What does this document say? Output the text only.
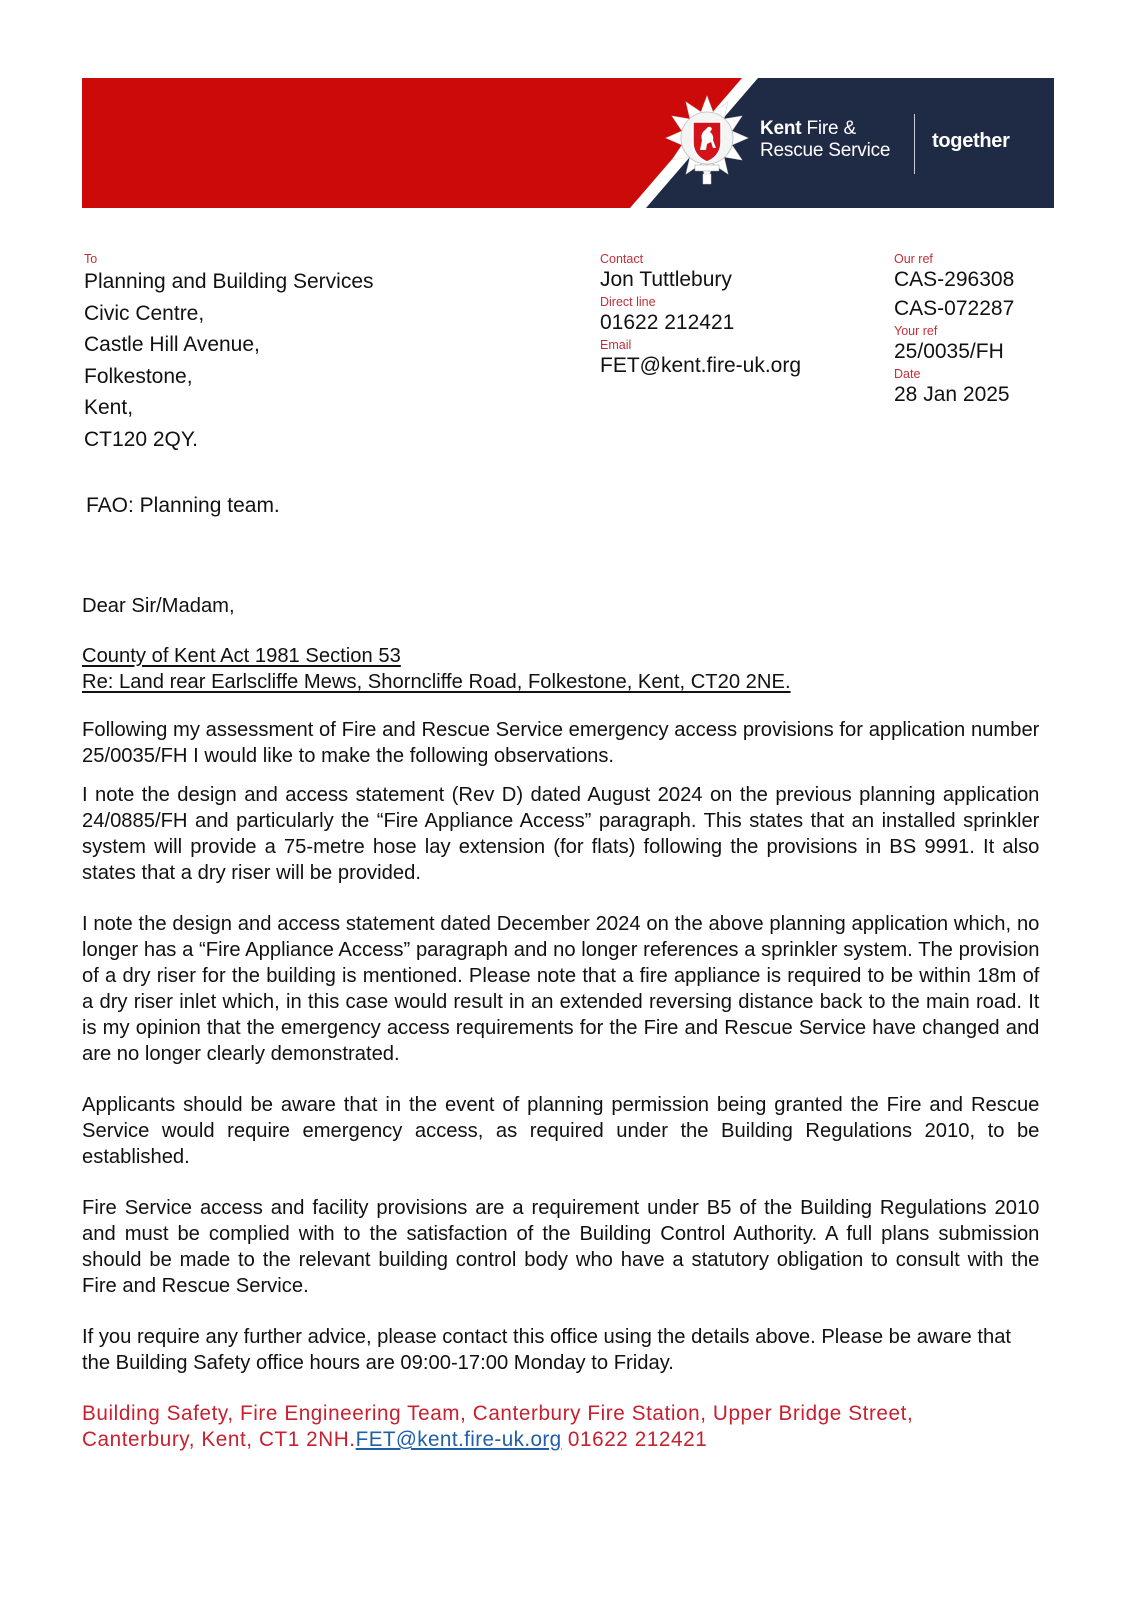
Kent Fire &
Rescue Service together
To
Planning and Building Services
Civic Centre,
Castle Hill Avenue,
Folkestone,
Kent,
CT120 2QY.
FAO: Planning team.
Contact
Jon Tuttlebury
Direct line
01622 212421
Email
FET@kent.fire-uk.org
Our ref
CAS-296308
CAS-072287
Your ref
25/0035/FH
Date
28 Jan 2025

Dear Sir/Madam,

County of Kent Act 1981 Section 53
Re: Land rear Earlscliffe Mews, Shorncliffe Road, Folkestone, Kent, CT20 2NE.

Following my assessment of Fire and Rescue Service emergency access provisions for application number 25/0035/FH I would like to make the following observations.

I note the design and access statement (Rev D) dated August 2024 on the previous planning application 24/0885/FH and particularly the “Fire Appliance Access” paragraph. This states that an installed sprinkler system will provide a 75-metre hose lay extension (for flats) following the provisions in BS 9991. It also states that a dry riser will be provided.

I note the design and access statement dated December 2024 on the above planning application which, no longer has a “Fire Appliance Access” paragraph and no longer references a sprinkler system. The provision of a dry riser for the building is mentioned. Please note that a fire appliance is required to be within 18m of a dry riser inlet which, in this case would result in an extended reversing distance back to the main road. It is my opinion that the emergency access requirements for the Fire and Rescue Service have changed and are no longer clearly demonstrated.

Applicants should be aware that in the event of planning permission being granted the Fire and Rescue Service would require emergency access, as required under the Building Regulations 2010, to be established.

Fire Service access and facility provisions are a requirement under B5 of the Building Regulations 2010 and must be complied with to the satisfaction of the Building Control Authority. A full plans submission should be made to the relevant building control body who have a statutory obligation to consult with the Fire and Rescue Service.

If you require any further advice, please contact this office using the details above. Please be aware that the Building Safety office hours are 09:00-17:00 Monday to Friday.

Building Safety, Fire Engineering Team, Canterbury Fire Station, Upper Bridge Street,
Canterbury, Kent, CT1 2NH.FET@kent.fire-uk.org 01622 212421
